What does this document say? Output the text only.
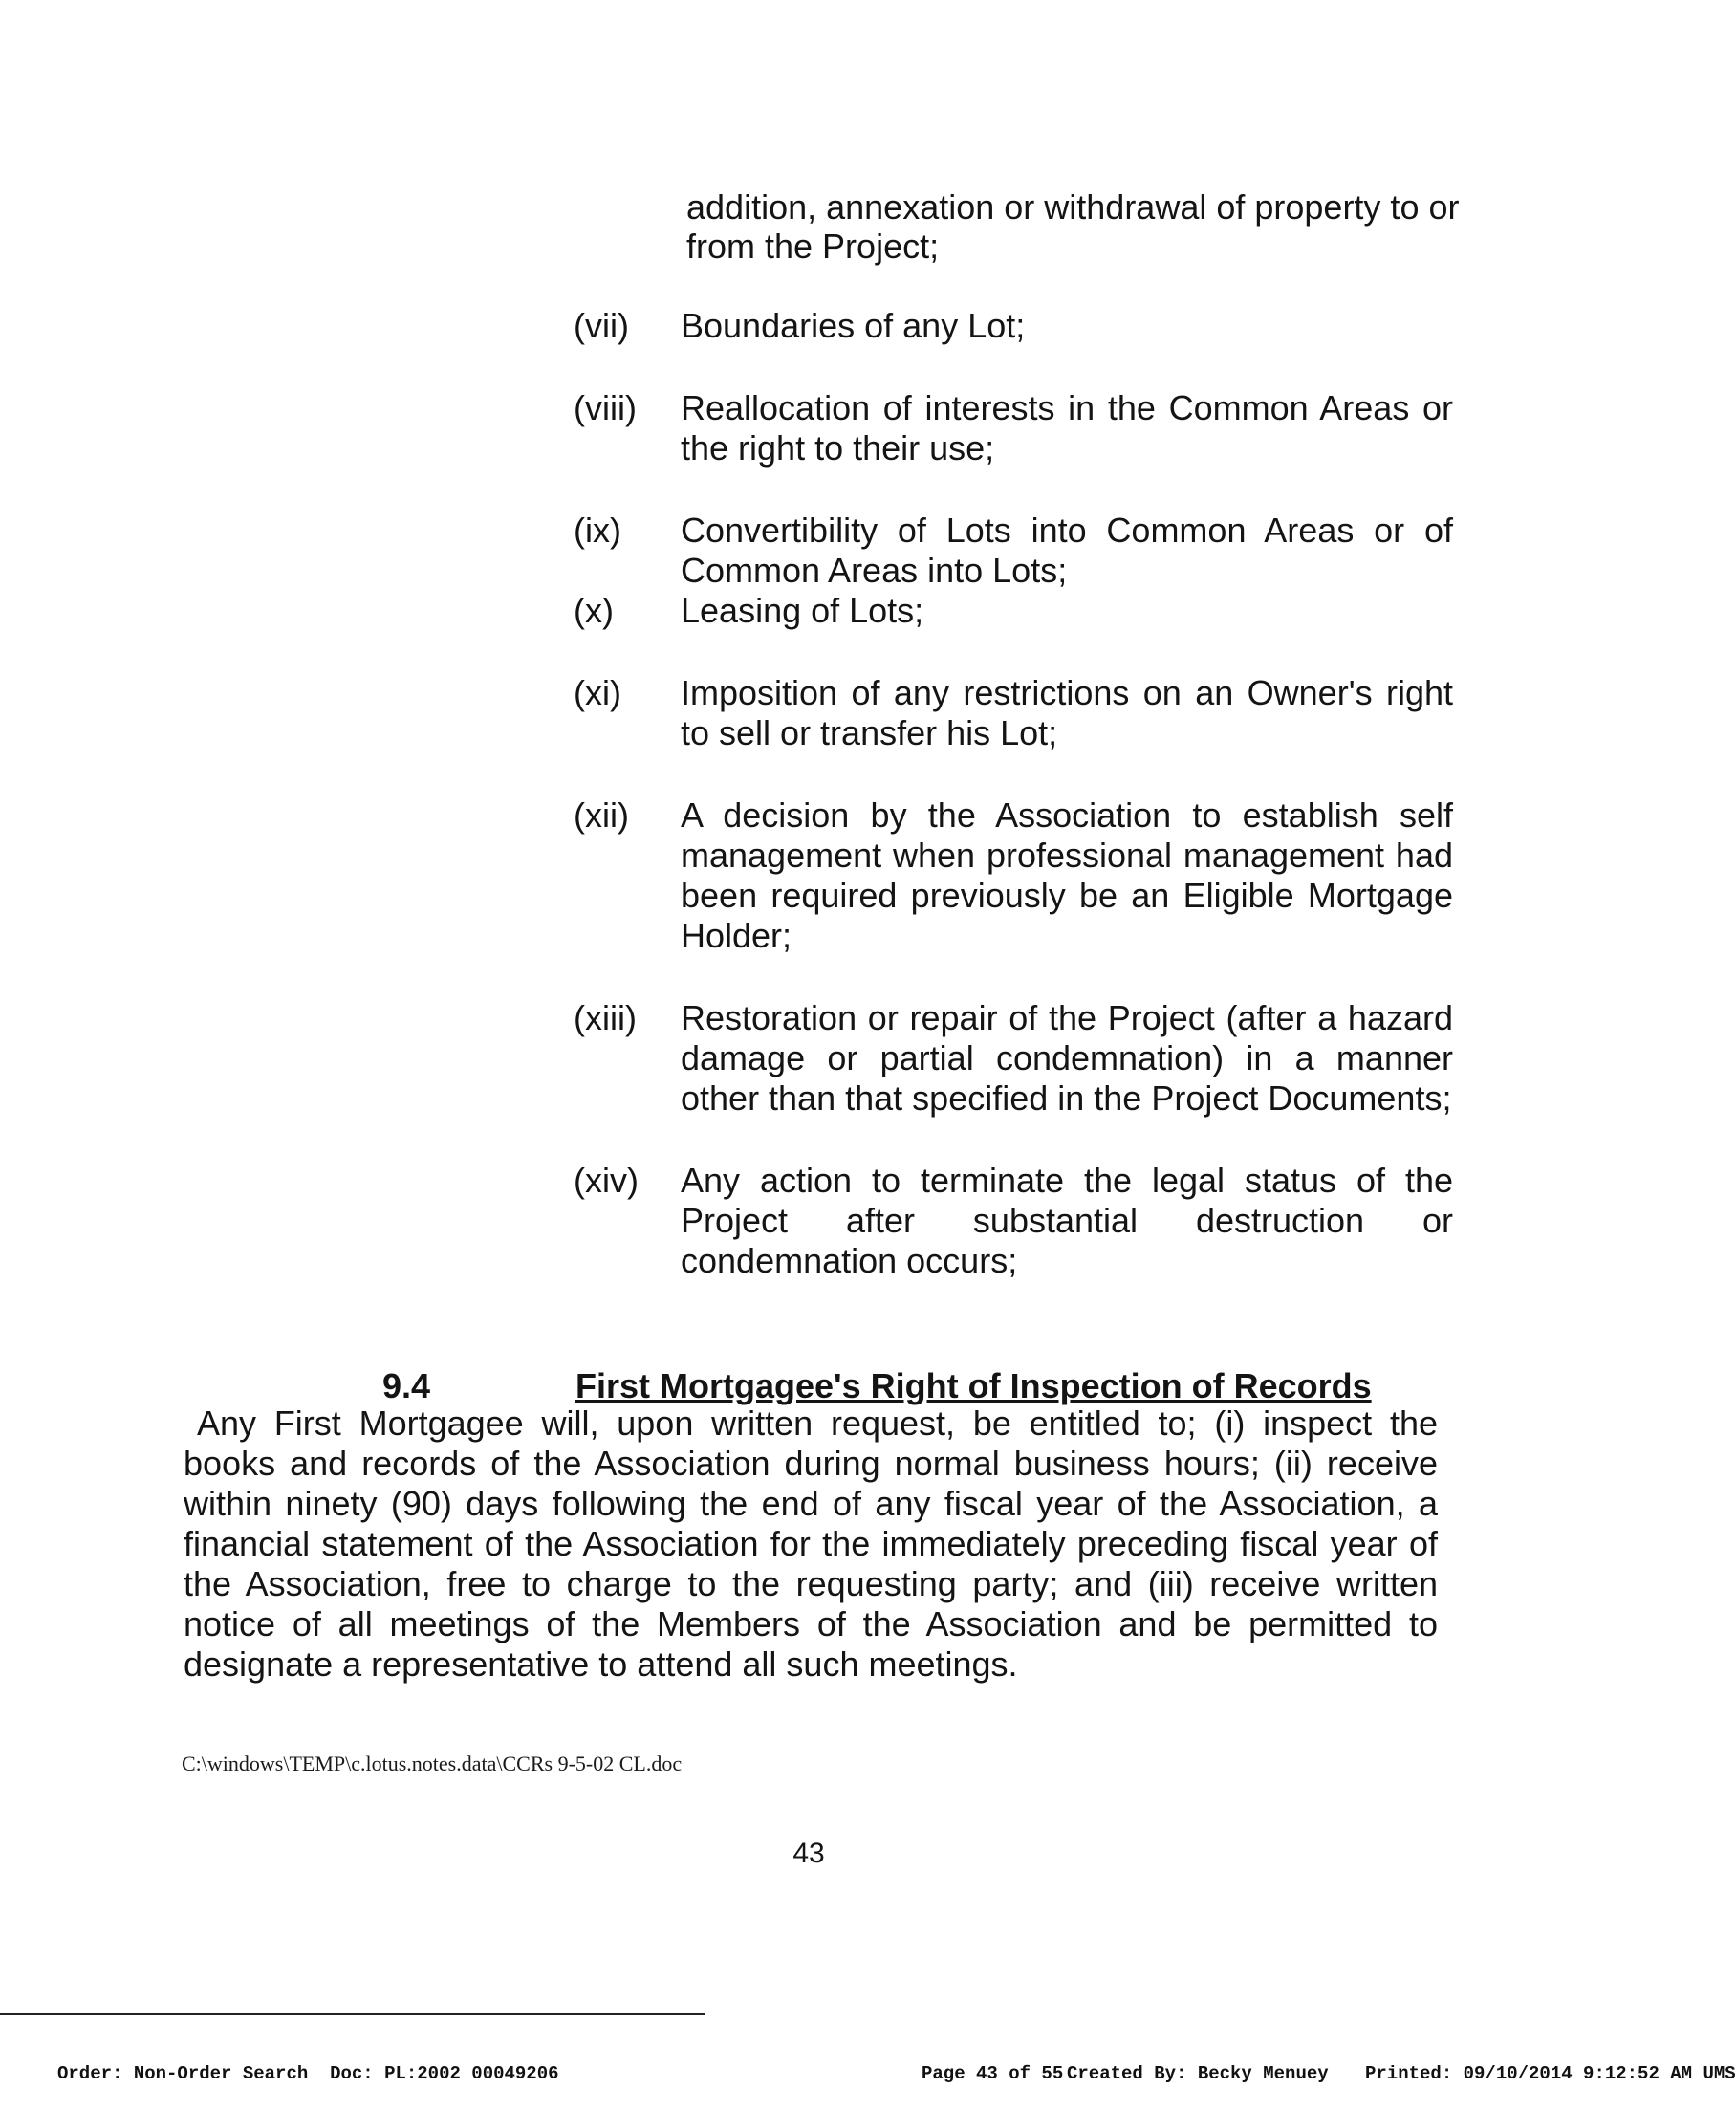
addition, annexation or withdrawal of property to or from the Project;
(vii)	Boundaries of any Lot;
(viii)	Reallocation of interests in the Common Areas or the right to their use;
(ix)	Convertibility of Lots into Common Areas or of Common Areas into Lots;
(x)	Leasing of Lots;
(xi)	Imposition of any restrictions on an Owner's right to sell or transfer his Lot;
(xii)	A decision by the Association to establish self management when professional management had been required previously be an Eligible Mortgage Holder;
(xiii)	Restoration or repair of the Project (after a hazard damage or partial condemnation) in a manner other than that specified in the Project Documents;
(xiv)	Any action to terminate the legal status of the Project after substantial destruction or condemnation occurs;
9.4	First Mortgagee's Right of Inspection of Records
Any First Mortgagee will, upon written request, be entitled to; (i) inspect the books and records of the Association during normal business hours; (ii) receive within ninety (90) days following the end of any fiscal year of the Association, a financial statement of the Association for the immediately preceding fiscal year of the Association, free to charge to the requesting party; and (iii) receive written notice of all meetings of the Members of the Association and be permitted to designate a representative to attend all such meetings.
C:\windows\TEMP\c.lotus.notes.data\CCRs 9-5-02 CL.doc
43
Order: Non-Order Search Doc: PL:2002 00049206	Page 43 of 55 Created By: Becky Menuey Printed: 09/10/2014 9:12:52 AM UMS
